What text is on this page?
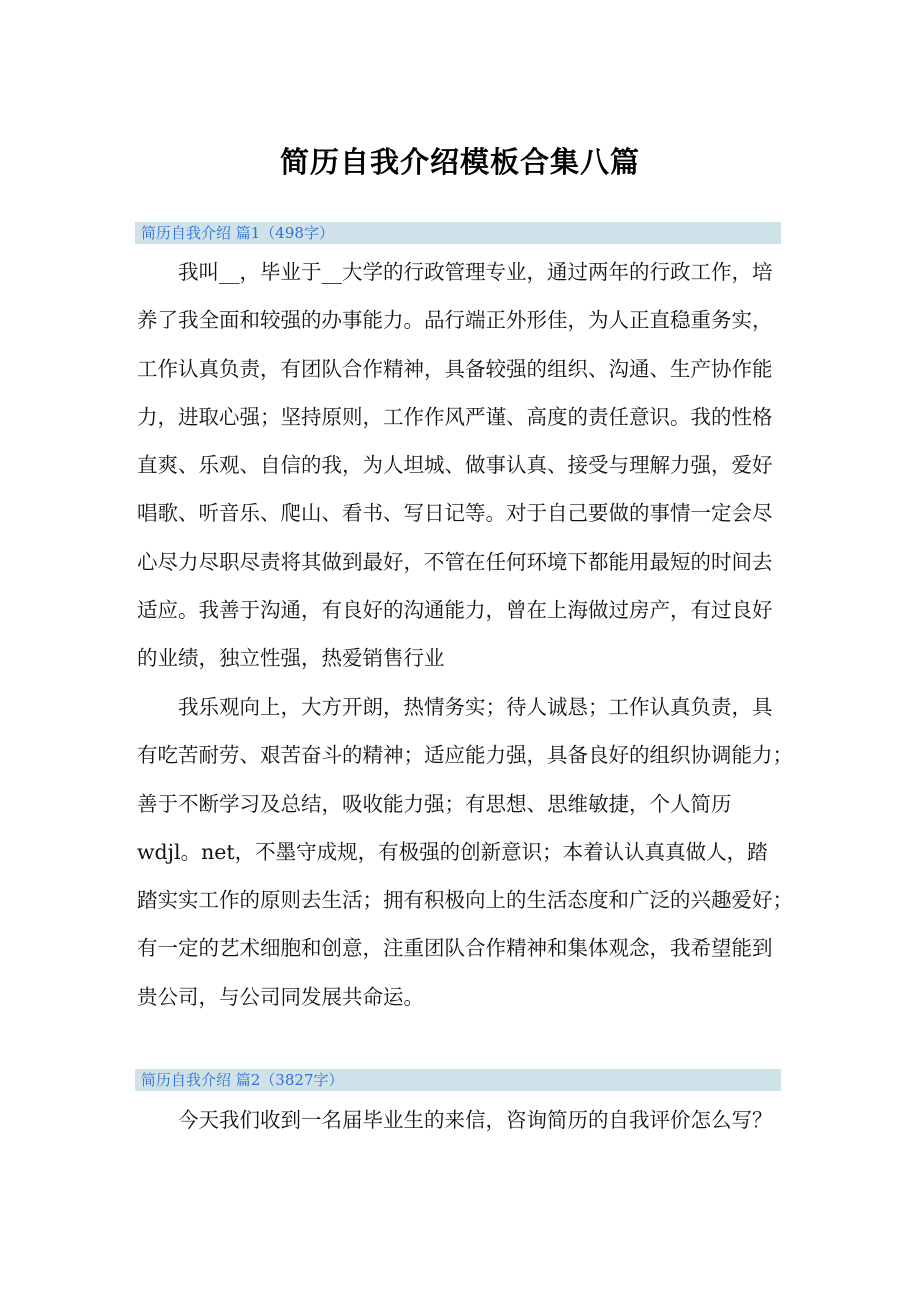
简历自我介绍模板合集八篇
简历自我介绍 篇1（498字）
我叫__，毕业于__大学的行政管理专业，通过两年的行政工作，培
养了我全面和较强的办事能力。品行端正外形佳，为人正直稳重务实，
工作认真负责，有团队合作精神，具备较强的组织、沟通、生产协作能
力，进取心强；坚持原则，工作作风严谨、高度的责任意识。我的性格
直爽、乐观、自信的我，为人坦城、做事认真、接受与理解力强，爱好
唱歌、听音乐、爬山、看书、写日记等。对于自己要做的事情一定会尽
心尽力尽职尽责将其做到最好，不管在任何环境下都能用最短的时间去
适应。我善于沟通，有良好的沟通能力，曾在上海做过房产，有过良好
的业绩，独立性强，热爱销售行业
我乐观向上，大方开朗，热情务实；待人诚恳；工作认真负责，具
有吃苦耐劳、艰苦奋斗的精神；适应能力强，具备良好的组织协调能力；
善于不断学习及总结，吸收能力强；有思想、思维敏捷，个人简历
wdjl。net，不墨守成规，有极强的创新意识；本着认认真真做人，踏
踏实实工作的原则去生活；拥有积极向上的生活态度和广泛的兴趣爱好；
有一定的艺术细胞和创意，注重团队合作精神和集体观念，我希望能到
贵公司，与公司同发展共命运。
简历自我介绍 篇2（3827字）
今天我们收到一名届毕业生的来信，咨询简历的自我评价怎么写？
